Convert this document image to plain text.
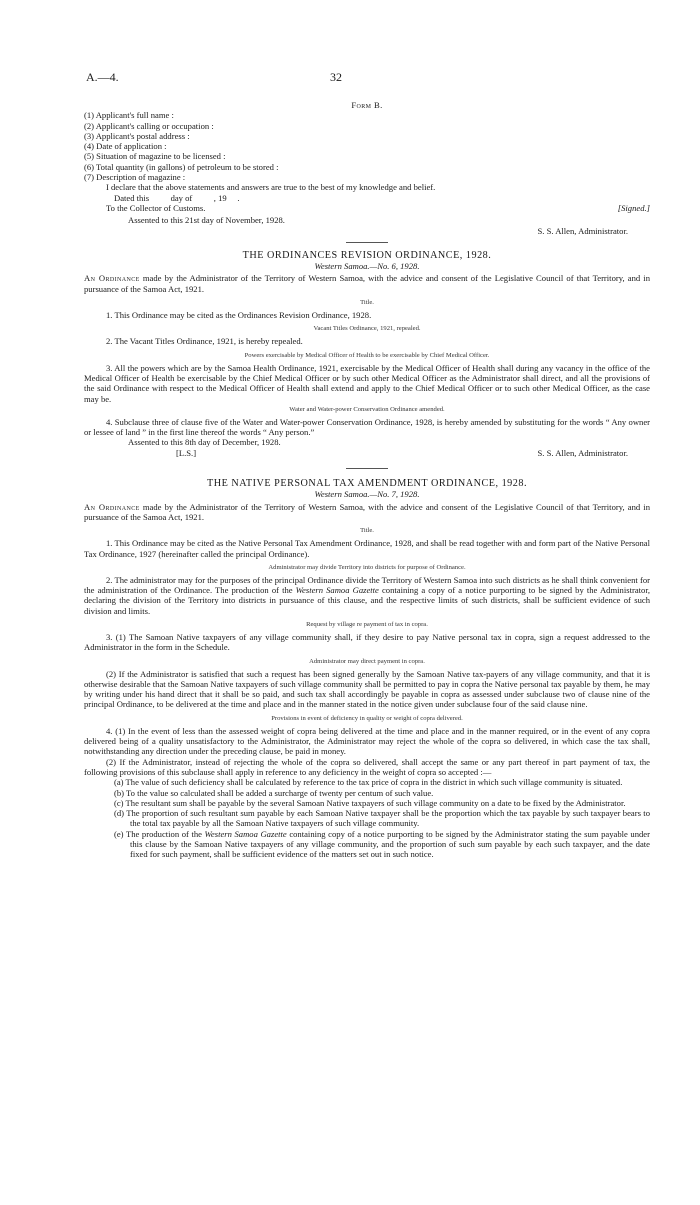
A.—4.	32
Form B.
(1) Applicant's full name :
(2) Applicant's calling or occupation :
(3) Applicant's postal address :
(4) Date of application :
(5) Situation of magazine to be licensed :
(6) Total quantity (in gallons) of petroleum to be stored :
(7) Description of magazine :
I declare that the above statements and answers are true to the best of my knowledge and belief.
Dated this          day of          , 19     .
To the Collector of Customs.	[Signed.]
Assented to this 21st day of November, 1928.
S. S. Allen, Administrator.
THE ORDINANCES REVISION ORDINANCE, 1928.
Western Samoa.—No. 6, 1928.
An Ordinance made by the Administrator of the Territory of Western Samoa, with the advice and consent of the Legislative Council of that Territory, and in pursuance of the Samoa Act, 1921.
Title.
1. This Ordinance may be cited as the Ordinances Revision Ordinance, 1928.
Vacant Titles Ordinance, 1921, repealed.
2. The Vacant Titles Ordinance, 1921, is hereby repealed.
Powers exercisable by Medical Officer of Health to be exercisable by Chief Medical Officer.
3. All the powers which are by the Samoa Health Ordinance, 1921, exercisable by the Medical Officer of Health shall during any vacancy in the office of the Medical Officer of Health be exercisable by the Chief Medical Officer or by such other Medical Officer as the Administrator shall direct, and all the provisions of the said Ordinance with respect to the Medical Officer of Health shall extend and apply to the Chief Medical Officer or to such other Medical Officer, as the case may be.
Water and Water-power Conservation Ordinance amended.
4. Subclause three of clause five of the Water and Water-power Conservation Ordinance, 1928, is hereby amended by substituting for the words “ Any owner or lessee of land ” in the first line thereof the words “ Any person.”
Assented to this 8th day of December, 1928.
[L.S.]	S. S. Allen, Administrator.
THE NATIVE PERSONAL TAX AMENDMENT ORDINANCE, 1928.
Western Samoa.—No. 7, 1928.
An Ordinance made by the Administrator of the Territory of Western Samoa, with the advice and consent of the Legislative Council of that Territory, and in pursuance of the Samoa Act, 1921.
Title.
1. This Ordinance may be cited as the Native Personal Tax Amendment Ordinance, 1928, and shall be read together with and form part of the Native Personal Tax Ordinance, 1927 (hereinafter called the principal Ordinance).
Administrator may divide Territory into districts for purpose of Ordinance.
2. The administrator may for the purposes of the principal Ordinance divide the Territory of Western Samoa into such districts as he shall think convenient for the administration of the Ordinance. The production of the Western Samoa Gazette containing a copy of a notice purporting to be signed by the Administrator, declaring the division of the Territory into districts in pursuance of this clause, and the respective limits of such districts, shall be sufficient evidence of such division and limits.
Request by village re payment of tax in copra.
3. (1) The Samoan Native taxpayers of any village community shall, if they desire to pay Native personal tax in copra, sign a request addressed to the Administrator in the form in the Schedule.
Administrator may direct payment in copra.
(2) If the Administrator is satisfied that such a request has been signed generally by the Samoan Native tax-payers of any village community, and that it is otherwise desirable that the Samoan Native taxpayers of such village community shall be permitted to pay in copra the Native personal tax payable by them, he may by writing under his hand direct that it shall be so paid, and such tax shall accordingly be payable in copra as assessed under subclause two of clause nine of the principal Ordinance, to be delivered at the time and place and in the manner stated in the notice given under subclause four of the said clause nine.
Provisions in event of deficiency in quality or weight of copra delivered.
4. (1) In the event of less than the assessed weight of copra being delivered at the time and place and in the manner required, or in the event of any copra delivered being of a quality unsatisfactory to the Administrator, the Administrator may reject the whole of the copra so delivered, in which case the tax shall, notwithstanding any direction under the preceding clause, be paid in money.
(2) If the Administrator, instead of rejecting the whole of the copra so delivered, shall accept the same or any part thereof in part payment of tax, the following provisions of this subclause shall apply in reference to any deficiency in the weight of copra so accepted :—
(a) The value of such deficiency shall be calculated by reference to the tax price of copra in the district in which such village community is situated.
(b) To the value so calculated shall be added a surcharge of twenty per centum of such value.
(c) The resultant sum shall be payable by the several Samoan Native taxpayers of such village community on a date to be fixed by the Administrator.
(d) The proportion of such resultant sum payable by each Samoan Native taxpayer shall be the proportion which the tax payable by such taxpayer bears to the total tax payable by all the Samoan Native taxpayers of such village community.
(e) The production of the Western Samoa Gazette containing copy of a notice purporting to be signed by the Administrator stating the sum payable under this clause by the Samoan Native taxpayers of any village community, and the proportion of such sum payable by each such taxpayer, and the date fixed for such payment, shall be sufficient evidence of the matters set out in such notice.
